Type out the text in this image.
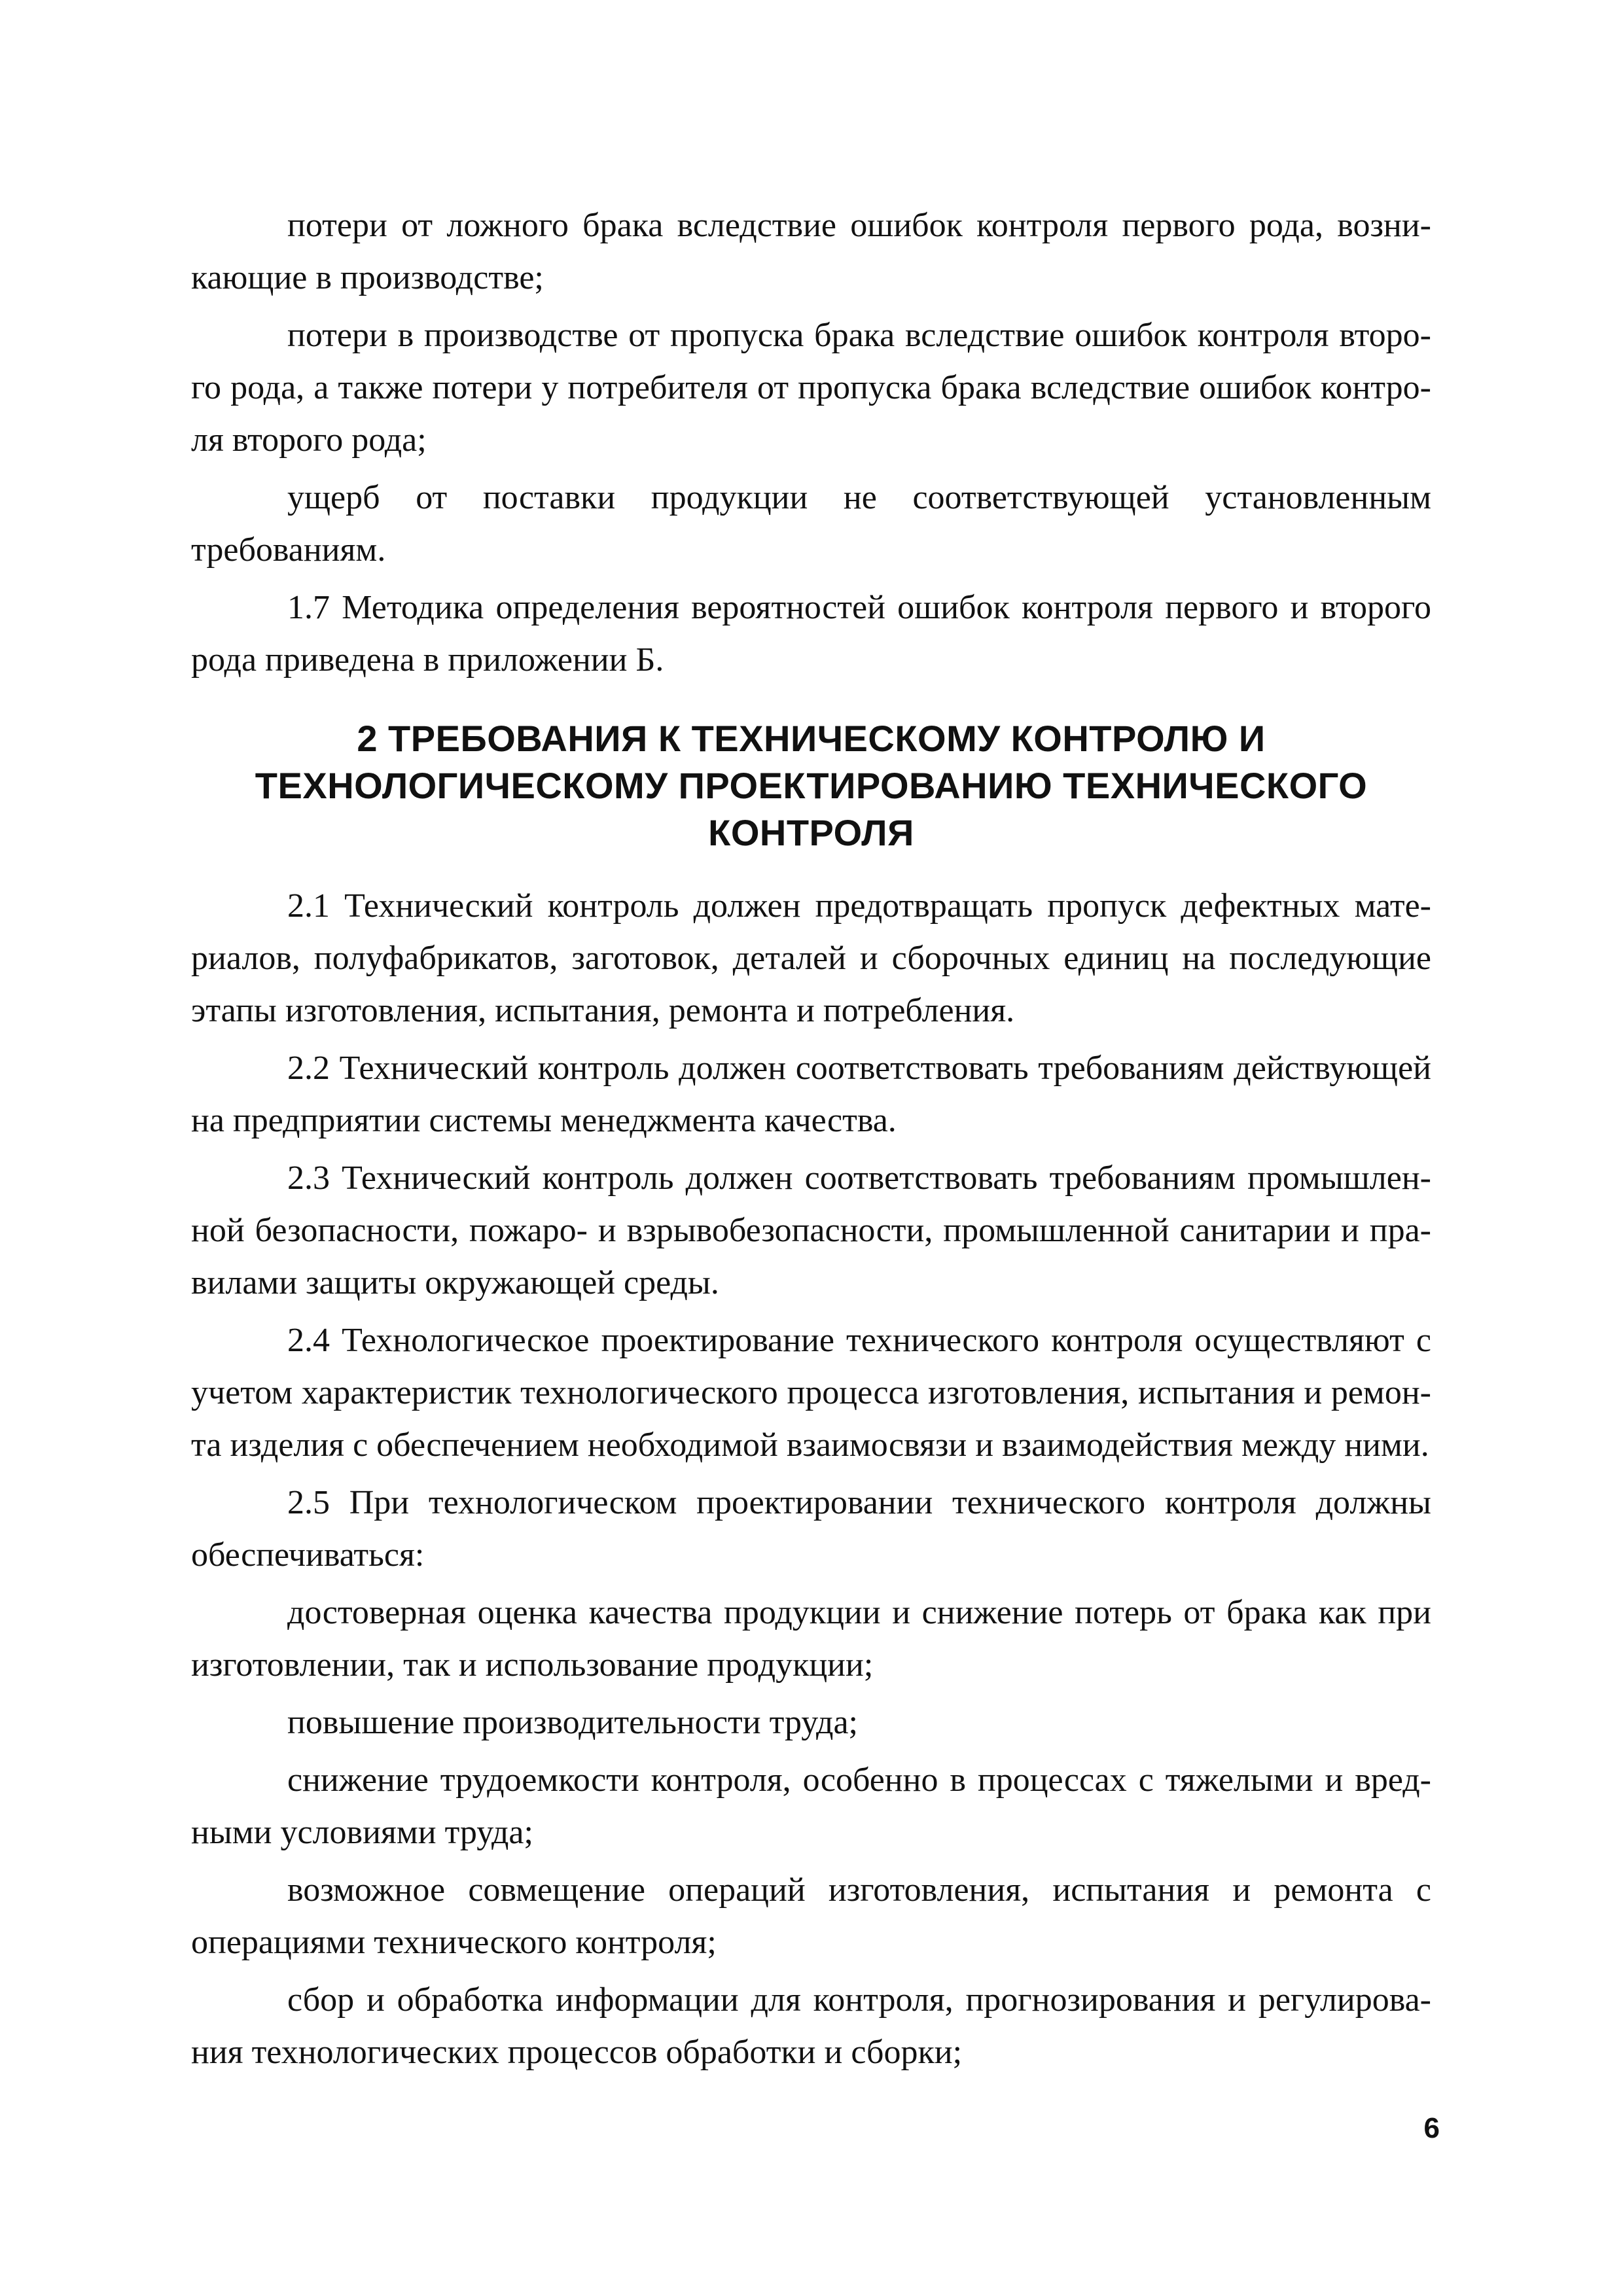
потери от ложного брака вследствие ошибок контроля первого рода, возникающие в производстве;

потери в производстве от пропуска брака вследствие ошибок контроля второго рода, а также потери у потребителя от пропуска брака вследствие ошибок контроля второго рода;

ущерб от поставки продукции не соответствующей установленным требованиям.

1.7 Методика определения вероятностей ошибок контроля первого и второго рода приведена в приложении Б.

2 ТРЕБОВАНИЯ К ТЕХНИЧЕСКОМУ КОНТРОЛЮ И
ТЕХНОЛОГИЧЕСКОМУ ПРОЕКТИРОВАНИЮ ТЕХНИЧЕСКОГО
КОНТРОЛЯ

2.1 Технический контроль должен предотвращать пропуск дефектных материалов, полуфабрикатов, заготовок, деталей и сборочных единиц на последующие этапы изготовления, испытания, ремонта и потребления.

2.2 Технический контроль должен соответствовать требованиям действующей на предприятии системы менеджмента качества.

2.3 Технический контроль должен соответствовать требованиям промышленной безопасности, пожаро- и взрывобезопасности, промышленной санитарии и правилами защиты окружающей среды.

2.4 Технологическое проектирование технического контроля осуществляют с учетом характеристик технологического процесса изготовления, испытания и ремонта изделия с обеспечением необходимой взаимосвязи и взаимодействия между ними.

2.5 При технологическом проектировании технического контроля должны обеспечиваться:

достоверная оценка качества продукции и снижение потерь от брака как при изготовлении, так и использование продукции;

повышение производительности труда;

снижение трудоемкости контроля, особенно в процессах с тяжелыми и вредными условиями труда;

возможное совмещение операций изготовления, испытания и ремонта с операциями технического контроля;

сбор и обработка информации для контроля, прогнозирования и регулирования технологических процессов обработки и сборки;

6
